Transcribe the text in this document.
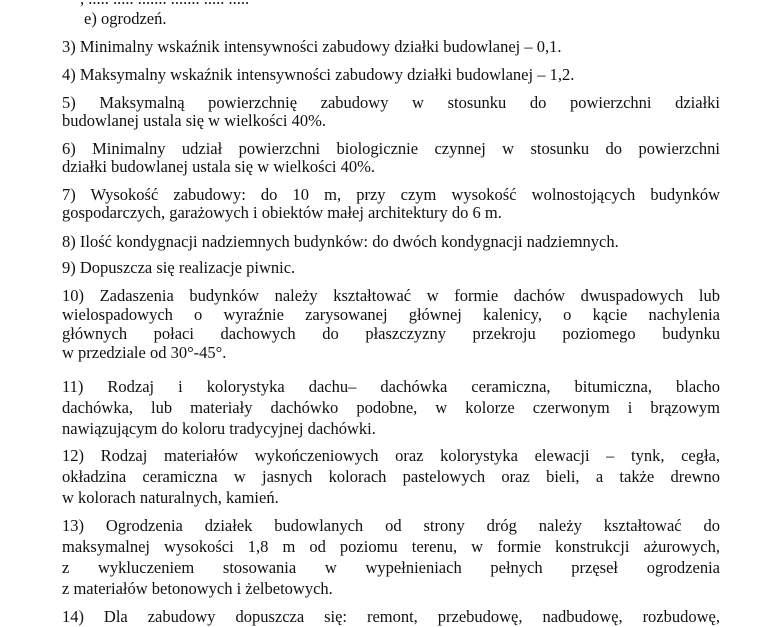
e) ogrodzeń.
3) Minimalny wskaźnik intensywności zabudowy działki budowlanej – 0,1.
4) Maksymalny wskaźnik intensywności zabudowy działki budowlanej – 1,2.
5) Maksymalną powierzchnię zabudowy w stosunku do powierzchni działki
budowlanej ustala się w wielkości 40%.
6) Minimalny udział powierzchni biologicznie czynnej w stosunku do powierzchni
działki budowlanej ustala się w wielkości 40%.
7) Wysokość zabudowy: do 10 m, przy czym wysokość wolnostojących budynków
gospodarczych, garażowych i obiektów małej architektury do 6 m.
8) Ilość kondygnacji nadziemnych budynków: do dwóch kondygnacji nadziemnych.
9) Dopuszcza się realizacje piwnic.
10) Zadaszenia budynków należy kształtować w formie dachów dwuspadowych lub
wielospadowych o wyraźnie zarysowanej głównej kalenicy, o kącie nachylenia
głównych połaci dachowych do płaszczyzny przekroju poziomego budynku
w przedziale od 30°-45°.
11) Rodzaj i kolorystyka dachu– dachówka ceramiczna, bitumiczna, blacho
dachówka, lub materiały dachówko podobne, w kolorze czerwonym i brązowym
nawiązującym do koloru tradycyjnej dachówki.
12) Rodzaj materiałów wykończeniowych oraz kolorystyka elewacji – tynk, cegła,
okładzina ceramiczna w jasnych kolorach pastelowych oraz bieli, a także drewno
w kolorach naturalnych, kamień.
13) Ogrodzenia działek budowlanych od strony dróg należy kształtować do
maksymalnej wysokości 1,8 m od poziomu terenu, w formie konstrukcji ażurowych,
z wykluczeniem stosowania w wypełnieniach pełnych przęseł ogrodzenia
z materiałów betonowych i żelbetowych.
14) Dla zabudowy dopuszcza się: remont, przebudowę, nadbudowę, rozbudowę,
